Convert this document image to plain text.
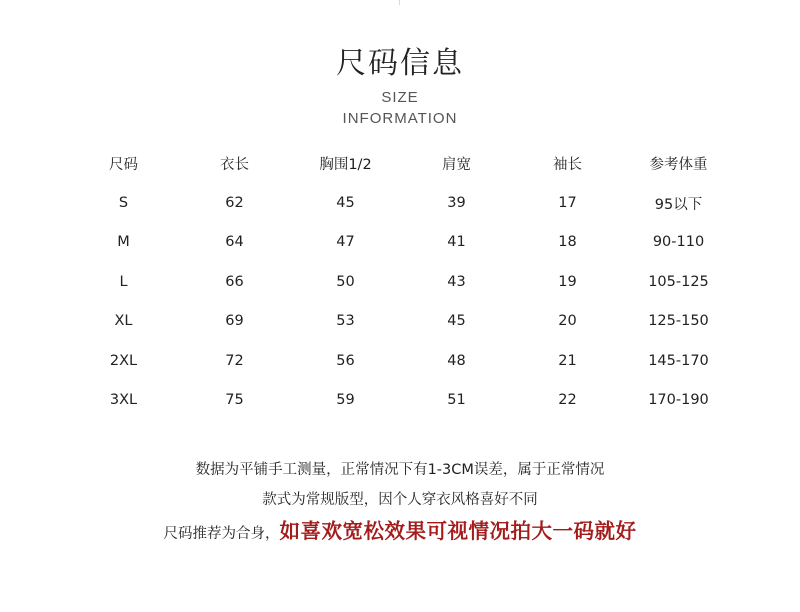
尺码信息
SIZE
INFORMATION
尺码	衣长	胸围1/2	肩宽	袖长	参考体重
S	62	45	39	17	95以下
M	64	47	41	18	90-110
L	66	50	43	19	105-125
XL	69	53	45	20	125-150
2XL	72	56	48	21	145-170
3XL	75	59	51	22	170-190
数据为平铺手工测量，正常情况下有1-3CM误差，属于正常情况
款式为常规版型，因个人穿衣风格喜好不同
尺码推荐为合身，如喜欢宽松效果可视情况拍大一码就好
